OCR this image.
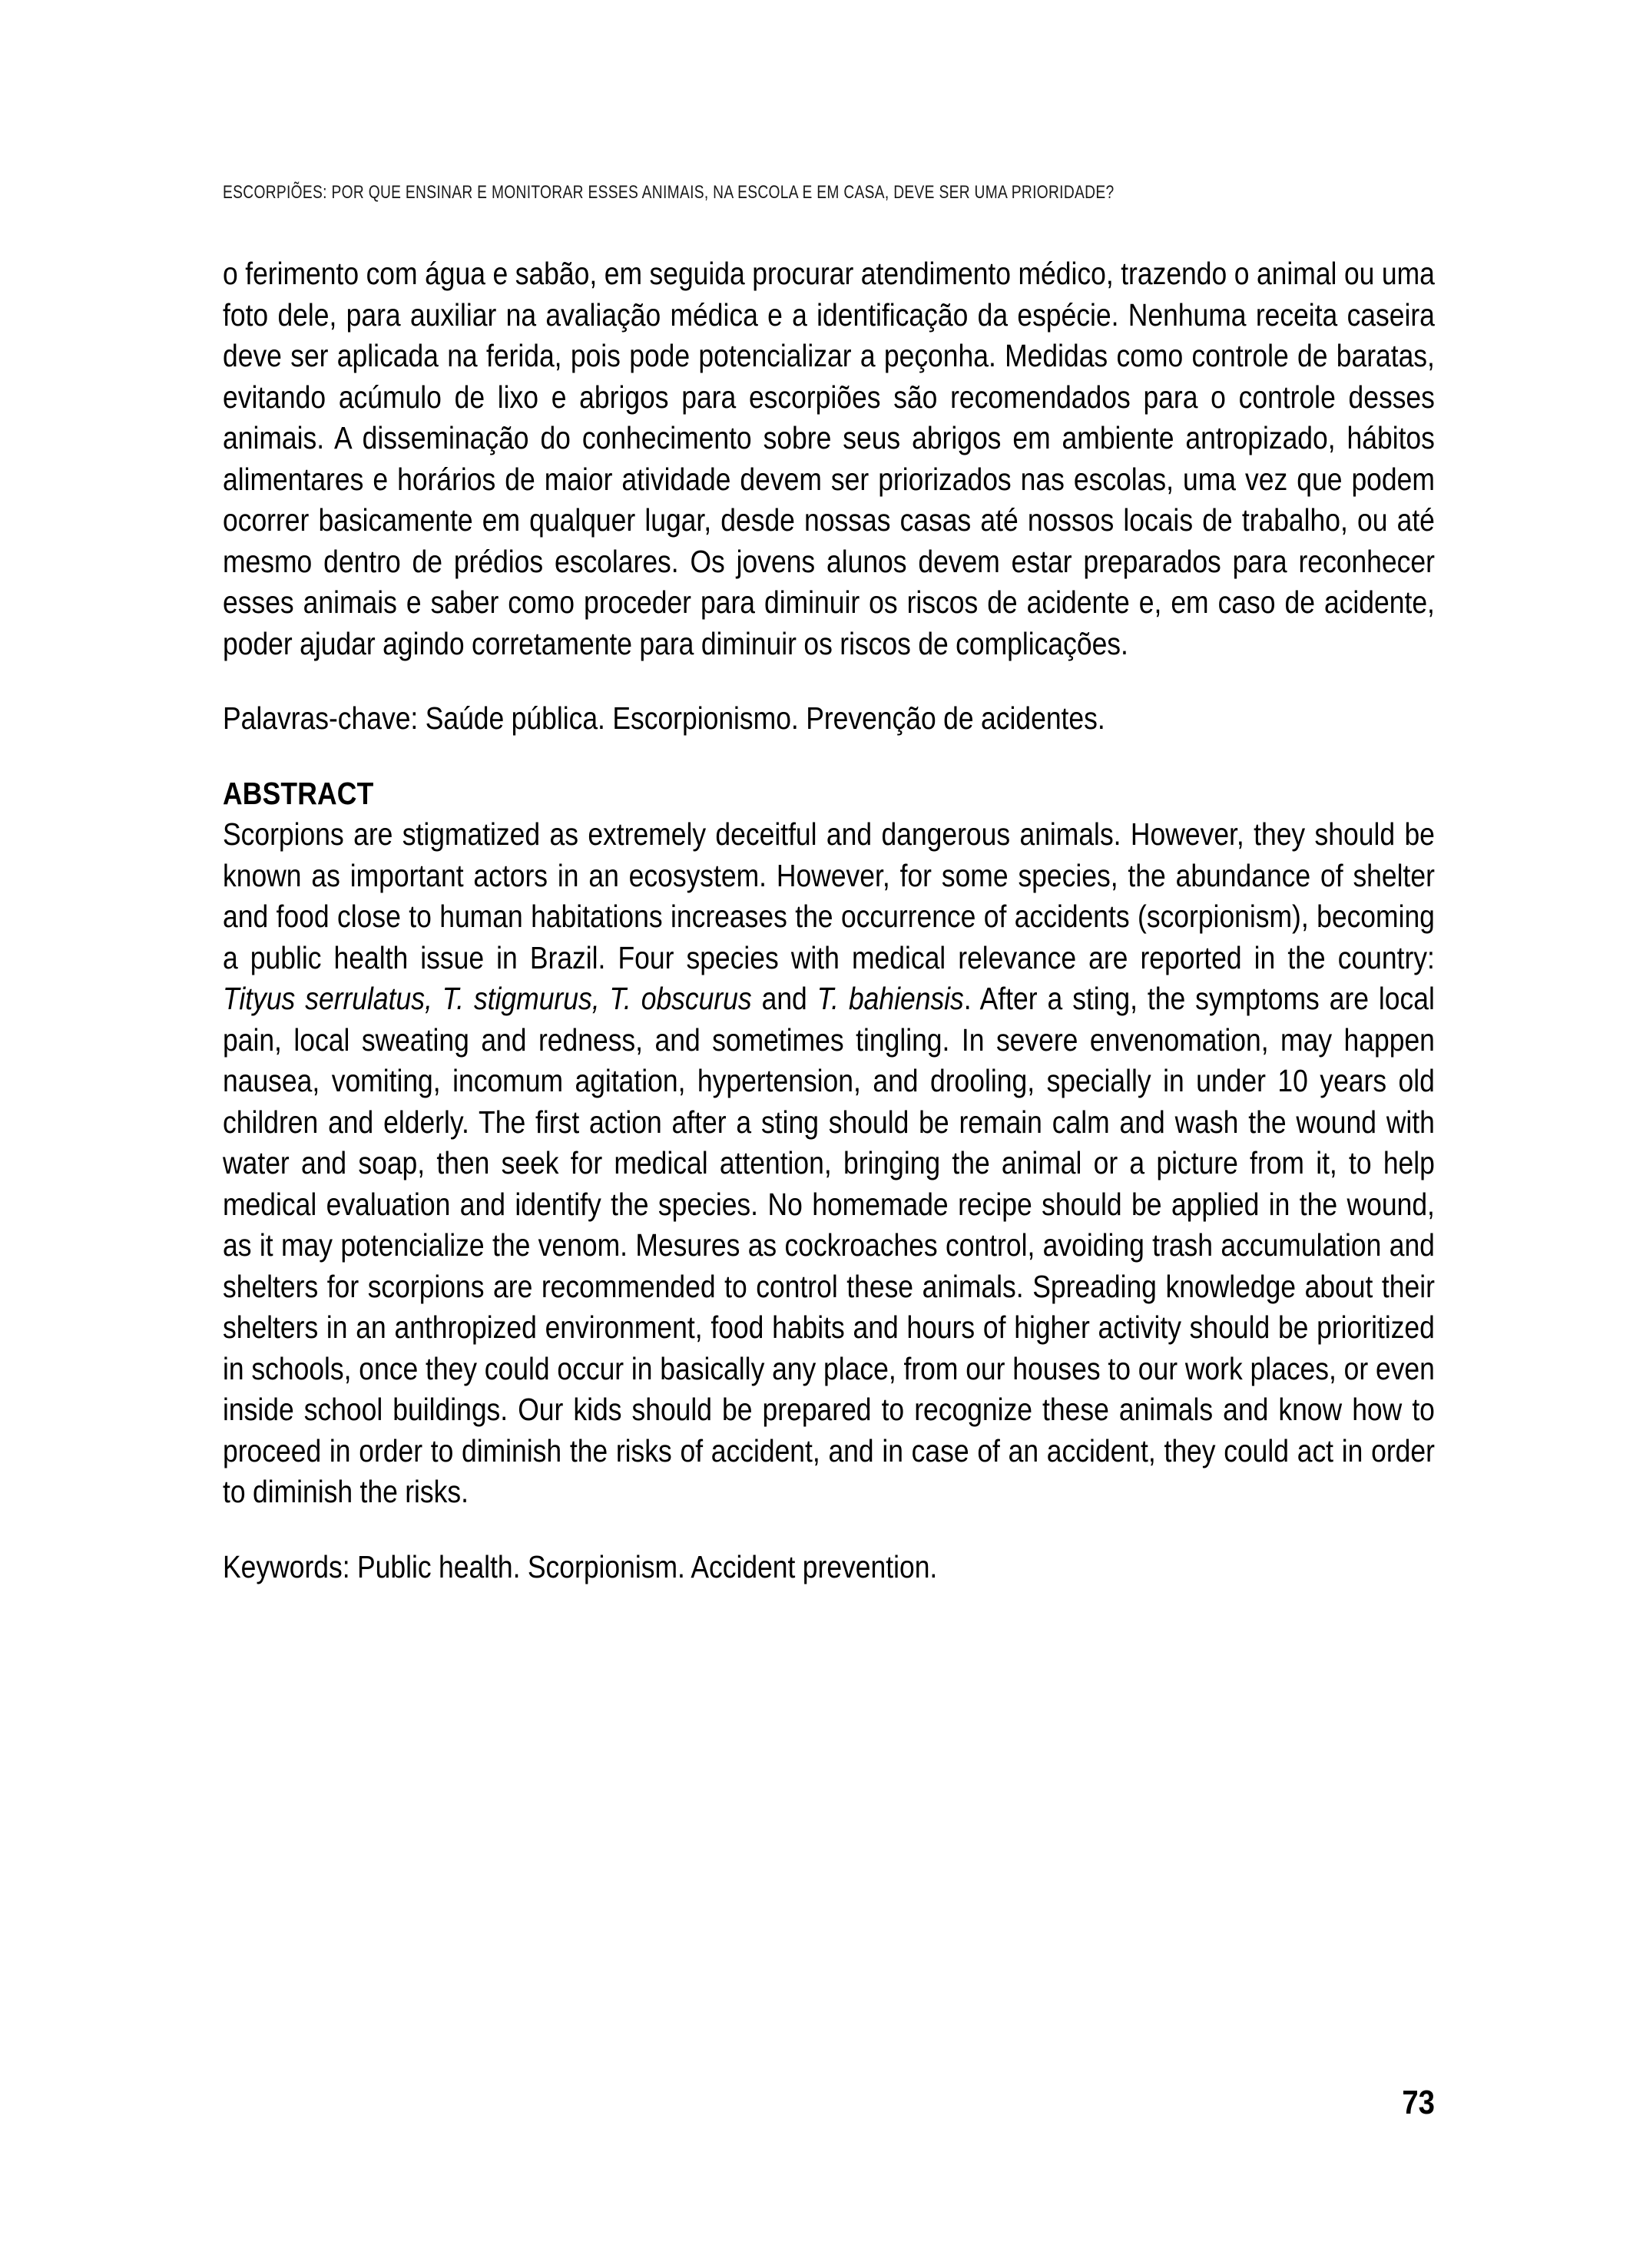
ESCORPIÕES: POR QUE ENSINAR E MONITORAR ESSES ANIMAIS, NA ESCOLA E EM CASA, DEVE SER UMA PRIORIDADE?

o ferimento com água e sabão, em seguida procurar atendimento médico, trazendo o animal ou uma foto dele, para auxiliar na avaliação médica e a identificação da espécie. Nenhuma receita caseira deve ser aplicada na ferida, pois pode potencializar a peçonha. Medidas como controle de baratas, evitando acúmulo de lixo e abrigos para escorpiões são recomendados para o controle desses animais. A disseminação do conhecimento sobre seus abrigos em ambiente antropizado, hábitos alimentares e horários de maior atividade devem ser priorizados nas escolas, uma vez que podem ocorrer basicamente em qualquer lugar, desde nossas casas até nossos locais de trabalho, ou até mesmo dentro de prédios escolares. Os jovens alunos devem estar preparados para reconhecer esses animais e saber como proceder para diminuir os riscos de acidente e, em caso de acidente, poder ajudar agindo corretamente para diminuir os riscos de complicações.

Palavras-chave: Saúde pública. Escorpionismo. Prevenção de acidentes.

ABSTRACT

Scorpions are stigmatized as extremely deceitful and dangerous animals. However, they should be known as important actors in an ecosystem. However, for some species, the abundance of shelter and food close to human habitations increases the occurrence of accidents (scorpionism), becoming a public health issue in Brazil. Four species with medical relevance are reported in the country: Tityus serrulatus, T. stigmurus, T. obscurus and T. bahiensis. After a sting, the symptoms are local pain, local sweating and redness, and sometimes tingling. In severe envenomation, may happen nausea, vomiting, incomum agitation, hypertension, and drooling, specially in under 10 years old children and elderly. The first action after a sting should be remain calm and wash the wound with water and soap, then seek for medical attention, bringing the animal or a picture from it, to help medical evaluation and identify the species. No homemade recipe should be applied in the wound, as it may potencialize the venom. Mesures as cockroaches control, avoiding trash accumulation and shelters for scorpions are recommended to control these animals. Spreading knowledge about their shelters in an anthropized environment, food habits and hours of higher activity should be prioritized in schools, once they could occur in basically any place, from our houses to our work places, or even inside school buildings. Our kids should be prepared to recognize these animals and know how to proceed in order to diminish the risks of accident, and in case of an accident, they could act in order to diminish the risks.

Keywords: Public health. Scorpionism. Accident prevention.

73
